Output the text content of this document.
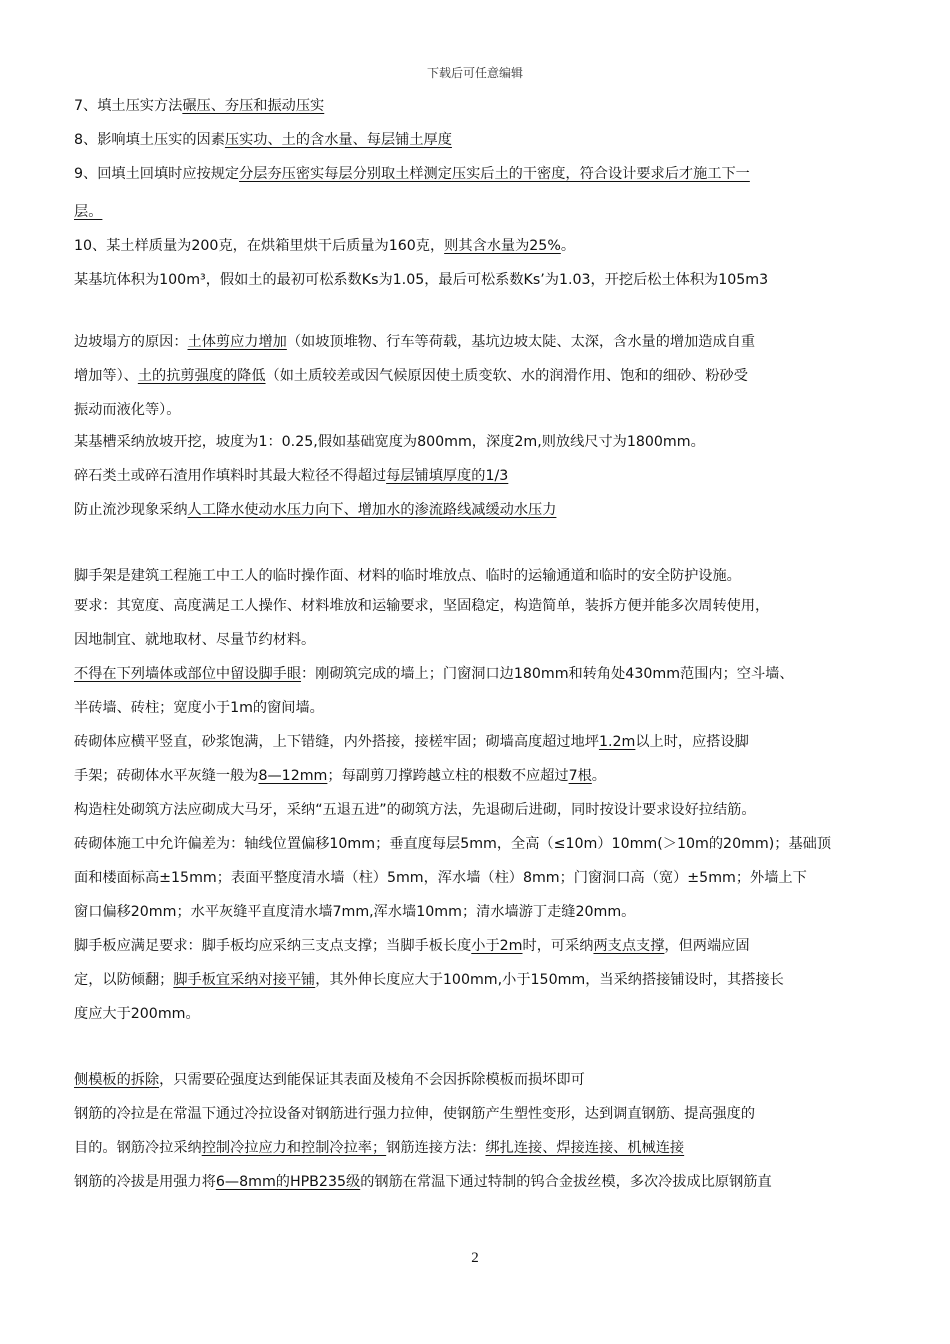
下载后可任意编辑

7、填土压实方法碾压、夯压和振动压实

8、影响填土压实的因素压实功、土的含水量、每层铺土厚度

9、回填土回填时应按规定分层夯压密实每层分别取土样测定压实后土的干密度，符合设计要求后才施工下一

层。

10、某土样质量为200克，在烘箱里烘干后质量为160克，则其含水量为25%。

某基坑体积为100m³，假如土的最初可松系数Ks为1.05，最后可松系数Ks’为1.03，开挖后松土体积为105m3

边坡塌方的原因：土体剪应力增加（如坡顶堆物、行车等荷载，基坑边坡太陡、太深，含水量的增加造成自重

增加等）、土的抗剪强度的降低（如土质较差或因气候原因使土质变软、水的润滑作用、饱和的细砂、粉砂受

振动而液化等）。

某基槽采纳放坡开挖，坡度为1：0.25,假如基础宽度为800mm，深度2m,则放线尺寸为1800mm。

碎石类土或碎石渣用作填料时其最大粒径不得超过每层铺填厚度的1/3

防止流沙现象采纳人工降水使动水压力向下、增加水的渗流路线减缓动水压力

脚手架是建筑工程施工中工人的临时操作面、材料的临时堆放点、临时的运输通道和临时的安全防护设施。

要求：其宽度、高度满足工人操作、材料堆放和运输要求，坚固稳定，构造简单，装拆方便并能多次周转使用，

因地制宜、就地取材、尽量节约材料。

不得在下列墙体或部位中留设脚手眼：刚砌筑完成的墙上；门窗洞口边180mm和转角处430mm范围内；空斗墙、

半砖墙、砖柱；宽度小于1m的窗间墙。

砖砌体应横平竖直，砂浆饱满，上下错缝，内外搭接，接槎牢固；砌墙高度超过地坪1.2m以上时，应搭设脚

手架；砖砌体水平灰缝一般为8—12mm；每副剪刀撑跨越立柱的根数不应超过7根。

构造柱处砌筑方法应砌成大马牙，采纳“五退五进”的砌筑方法，先退砌后进砌，同时按设计要求设好拉结筋。

砖砌体施工中允许偏差为：轴线位置偏移10mm；垂直度每层5mm，全高（≤10m）10mm(＞10m的20mm)；基础顶

面和楼面标高±15mm；表面平整度清水墙（柱）5mm，浑水墙（柱）8mm；门窗洞口高（宽）±5mm；外墙上下

窗口偏移20mm；水平灰缝平直度清水墙7mm,浑水墙10mm；清水墙游丁走缝20mm。

脚手板应满足要求：脚手板均应采纳三支点支撑；当脚手板长度小于2m时，可采纳两支点支撑，但两端应固

定，以防倾翻；脚手板宜采纳对接平铺，其外伸长度应大于100mm,小于150mm，当采纳搭接铺设时，其搭接长

度应大于200mm。

侧模板的拆除，只需要砼强度达到能保证其表面及棱角不会因拆除模板而损坏即可

钢筋的冷拉是在常温下通过冷拉设备对钢筋进行强力拉伸，使钢筋产生塑性变形，达到调直钢筋、提高强度的

目的。钢筋冷拉采纳控制冷拉应力和控制冷拉率；钢筋连接方法：绑扎连接、焊接连接、机械连接

钢筋的冷拔是用强力将6—8mm的HPB235级的钢筋在常温下通过特制的钨合金拔丝模，多次冷拔成比原钢筋直

2
